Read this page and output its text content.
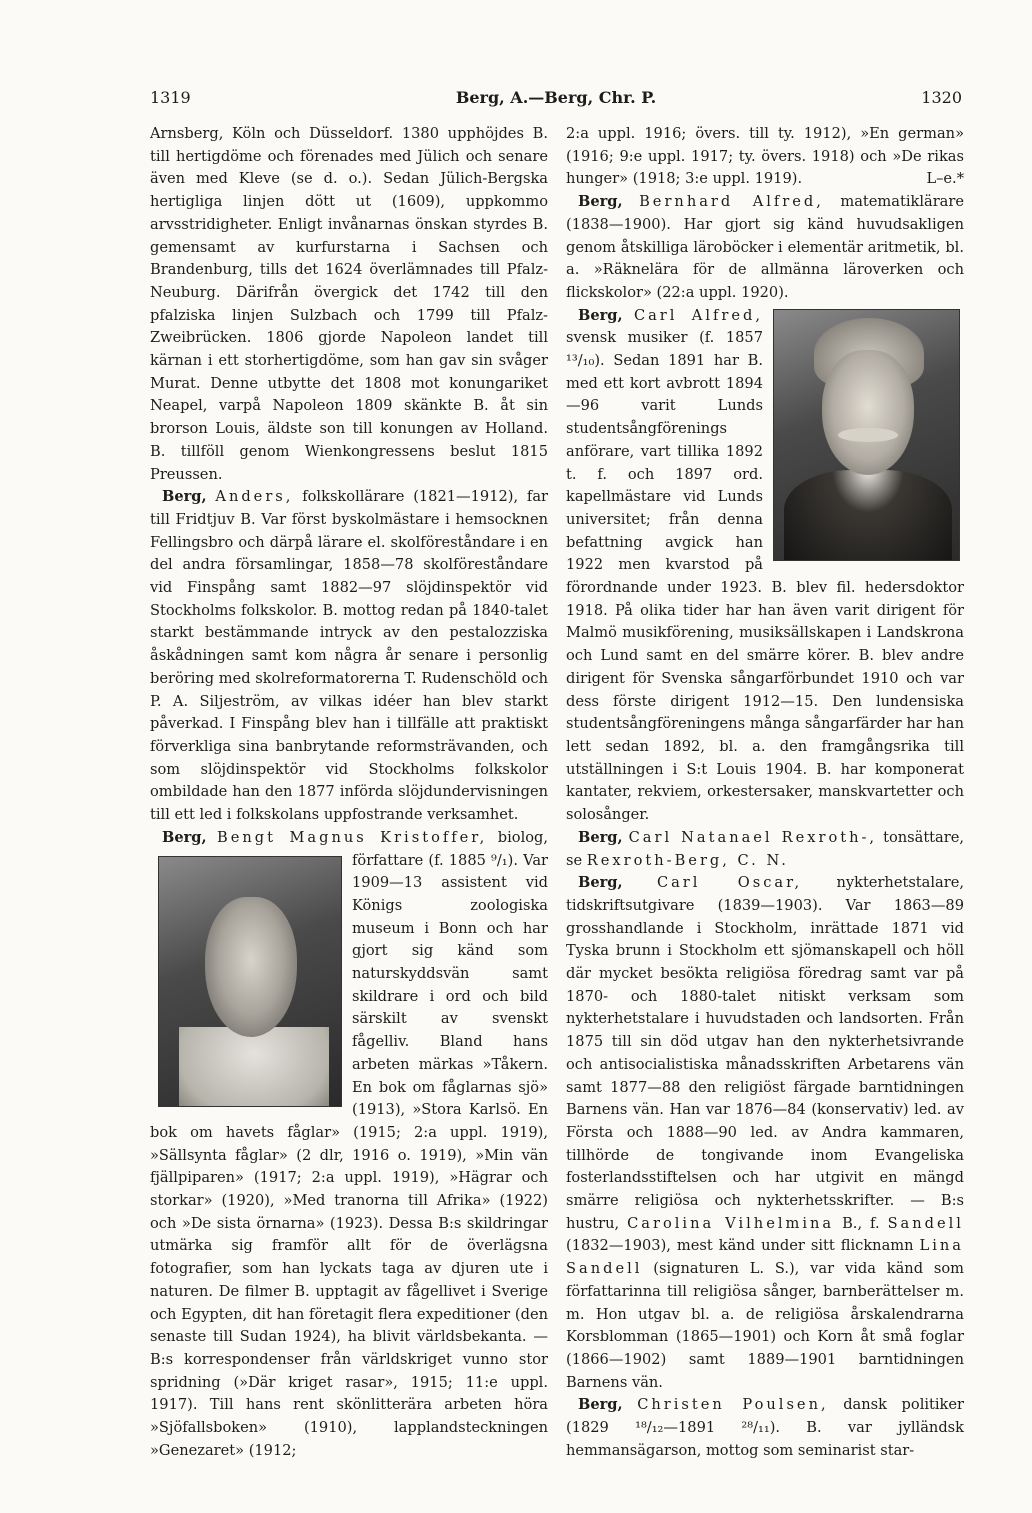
1319	Berg, A.—Berg, Chr. P.	1320

Arnsberg, Köln och Düsseldorf. 1380 upphöjdes B. till hertigdöme och förenades med Jülich och senare även med Kleve (se d. o.). Sedan Jülich-Bergska hertigliga linjen dött ut (1609), uppkommo arvsstridigheter. Enligt invånarnas önskan styrdes B. gemensamt av kurfurstarna i Sachsen och Brandenburg, tills det 1624 överlämnades till Pfalz-Neuburg. Därifrån övergick det 1742 till den pfalziska linjen Sulzbach och 1799 till Pfalz-Zweibrücken. 1806 gjorde Napoleon landet till kärnan i ett storhertigdöme, som han gav sin svåger Murat. Denne utbytte det 1808 mot konungariket Neapel, varpå Napoleon 1809 skänkte B. åt sin brorson Louis, äldste son till konungen av Holland. B. tillföll genom Wienkongressens beslut 1815 Preussen.

Berg, Anders, folkskollärare (1821—1912), far till Fridtjuv B. Var först byskolmästare i hemsocknen Fellingsbro och därpå lärare el. skolföreståndare i en del andra församlingar, 1858—78 skolföreståndare vid Finspång samt 1882—97 slöjdinspektör vid Stockholms folkskolor. B. mottog redan på 1840-talet starkt bestämmande intryck av den pestalozziska åskådningen samt kom några år senare i personlig beröring med skolreformatorerna T. Rudenschöld och P. A. Siljeström, av vilkas idéer han blev starkt påverkad. I Finspång blev han i tillfälle att praktiskt förverkliga sina banbrytande reformsträvanden, och som slöjdinspektör vid Stockholms folkskolor ombildade han den 1877 införda slöjdundervisningen till ett led i folkskolans uppfostrande verksamhet.

Berg, Bengt Magnus Kristoffer,
biolog, författare (f. 1885 ⁹/₁). Var 1909—13 assistent vid Königs zoologiska museum i Bonn och har gjort sig känd som naturskyddsvän samt skildrare i ord och bild särskilt av svenskt fågelliv. Bland hans arbeten märkas »Tåkern. En bok om fåglarnas sjö» (1913), »Stora Karlsö. En bok om havets fåglar» (1915; 2:a uppl. 1919), »Sällsynta fåglar» (2 dlr, 1916 o. 1919), »Min vän fjällpiparen» (1917; 2:a uppl. 1919), »Hägrar och storkar» (1920), »Med tranorna till Afrika» (1922) och »De sista örnarna» (1923). Dessa B:s skildringar utmärka sig framför allt för de överlägsna fotografier, som han lyckats taga av djuren ute i naturen. De filmer B. upptagit av fågellivet i Sverige och Egypten, dit han företagit flera expeditioner (den senaste till Sudan 1924), ha blivit världsbekanta. — B:s korrespondenser från världskriget vunno stor spridning (»Där kriget rasar», 1915; 11:e uppl. 1917). Till hans rent skönlitterära arbeten höra »Sjöfallsboken» (1910), lapplandsteckningen »Genezaret» (1912;

2:a uppl. 1916; övers. till ty. 1912), »En german» (1916; 9:e uppl. 1917; ty. övers. 1918) och »De rikas hunger» (1918; 3:e uppl. 1919).	L–e.*

Berg, Bernhard Alfred, matematiklärare (1838—1900). Har gjort sig känd huvudsakligen genom åtskilliga läroböcker i elementär aritmetik, bl. a. »Räknelära för de allmänna läroverken och flickskolor» (22:a uppl. 1920).

Berg, Carl Alfred,
svensk musiker (f. 1857 ¹³/₁₀). Sedan 1891 har B. med ett kort avbrott 1894—96 varit Lunds studentsångförenings anförare, vart tillika 1892 t. f. och 1897 ord. kapellmästare vid Lunds universitet; från denna befattning avgick han 1922 men kvarstod på förordnande under 1923. B. blev fil. hedersdoktor 1918. På olika tider har han även varit dirigent för Malmö musikförening, musiksällskapen i Landskrona och Lund samt en del smärre körer. B. blev andre dirigent för Svenska sångarförbundet 1910 och var dess förste dirigent 1912—15. Den lundensiska studentsångföreningens många sångarfärder har han lett sedan 1892, bl. a. den framgångsrika till utställningen i S:t Louis 1904. B. har komponerat kantater, rekviem, orkestersaker, manskvartetter och solosånger.

Berg, Carl Natanael Rexroth-, tonsättare, se Rexroth-Berg, C. N.

Berg, Carl Oscar, nykterhetstalare, tidskriftsutgivare (1839—1903). Var 1863—89 grosshandlande i Stockholm, inrättade 1871 vid Tyska brunn i Stockholm ett sjömanskapell och höll där mycket besökta religiösa föredrag samt var på 1870- och 1880-talet nitiskt verksam som nykterhetstalare i huvudstaden och landsorten. Från 1875 till sin död utgav han den nykterhetsivrande och antisocialistiska månadsskriften Arbetarens vän samt 1877—88 den religiöst färgade barntidningen Barnens vän. Han var 1876—84 (konservativ) led. av Första och 1888—90 led. av Andra kammaren, tillhörde de tongivande inom Evangeliska fosterlandsstiftelsen och har utgivit en mängd smärre religiösa och nykterhetsskrifter. — B:s hustru, Carolina Vilhelmina B., f. Sandell (1832—1903), mest känd under sitt flicknamn Lina Sandell (signaturen L. S.), var vida känd som författarinna till religiösa sånger, barnberättelser m. m. Hon utgav bl. a. de religiösa årskalendrarna Korsblomman (1865—1901) och Korn åt små foglar (1866—1902) samt 1889—1901 barntidningen Barnens vän.

Berg, Christen Poulsen, dansk politiker (1829 ¹⁸/₁₂—1891 ²⁸/₁₁). B. var jylländsk hemmansägarson, mottog som seminarist star-
